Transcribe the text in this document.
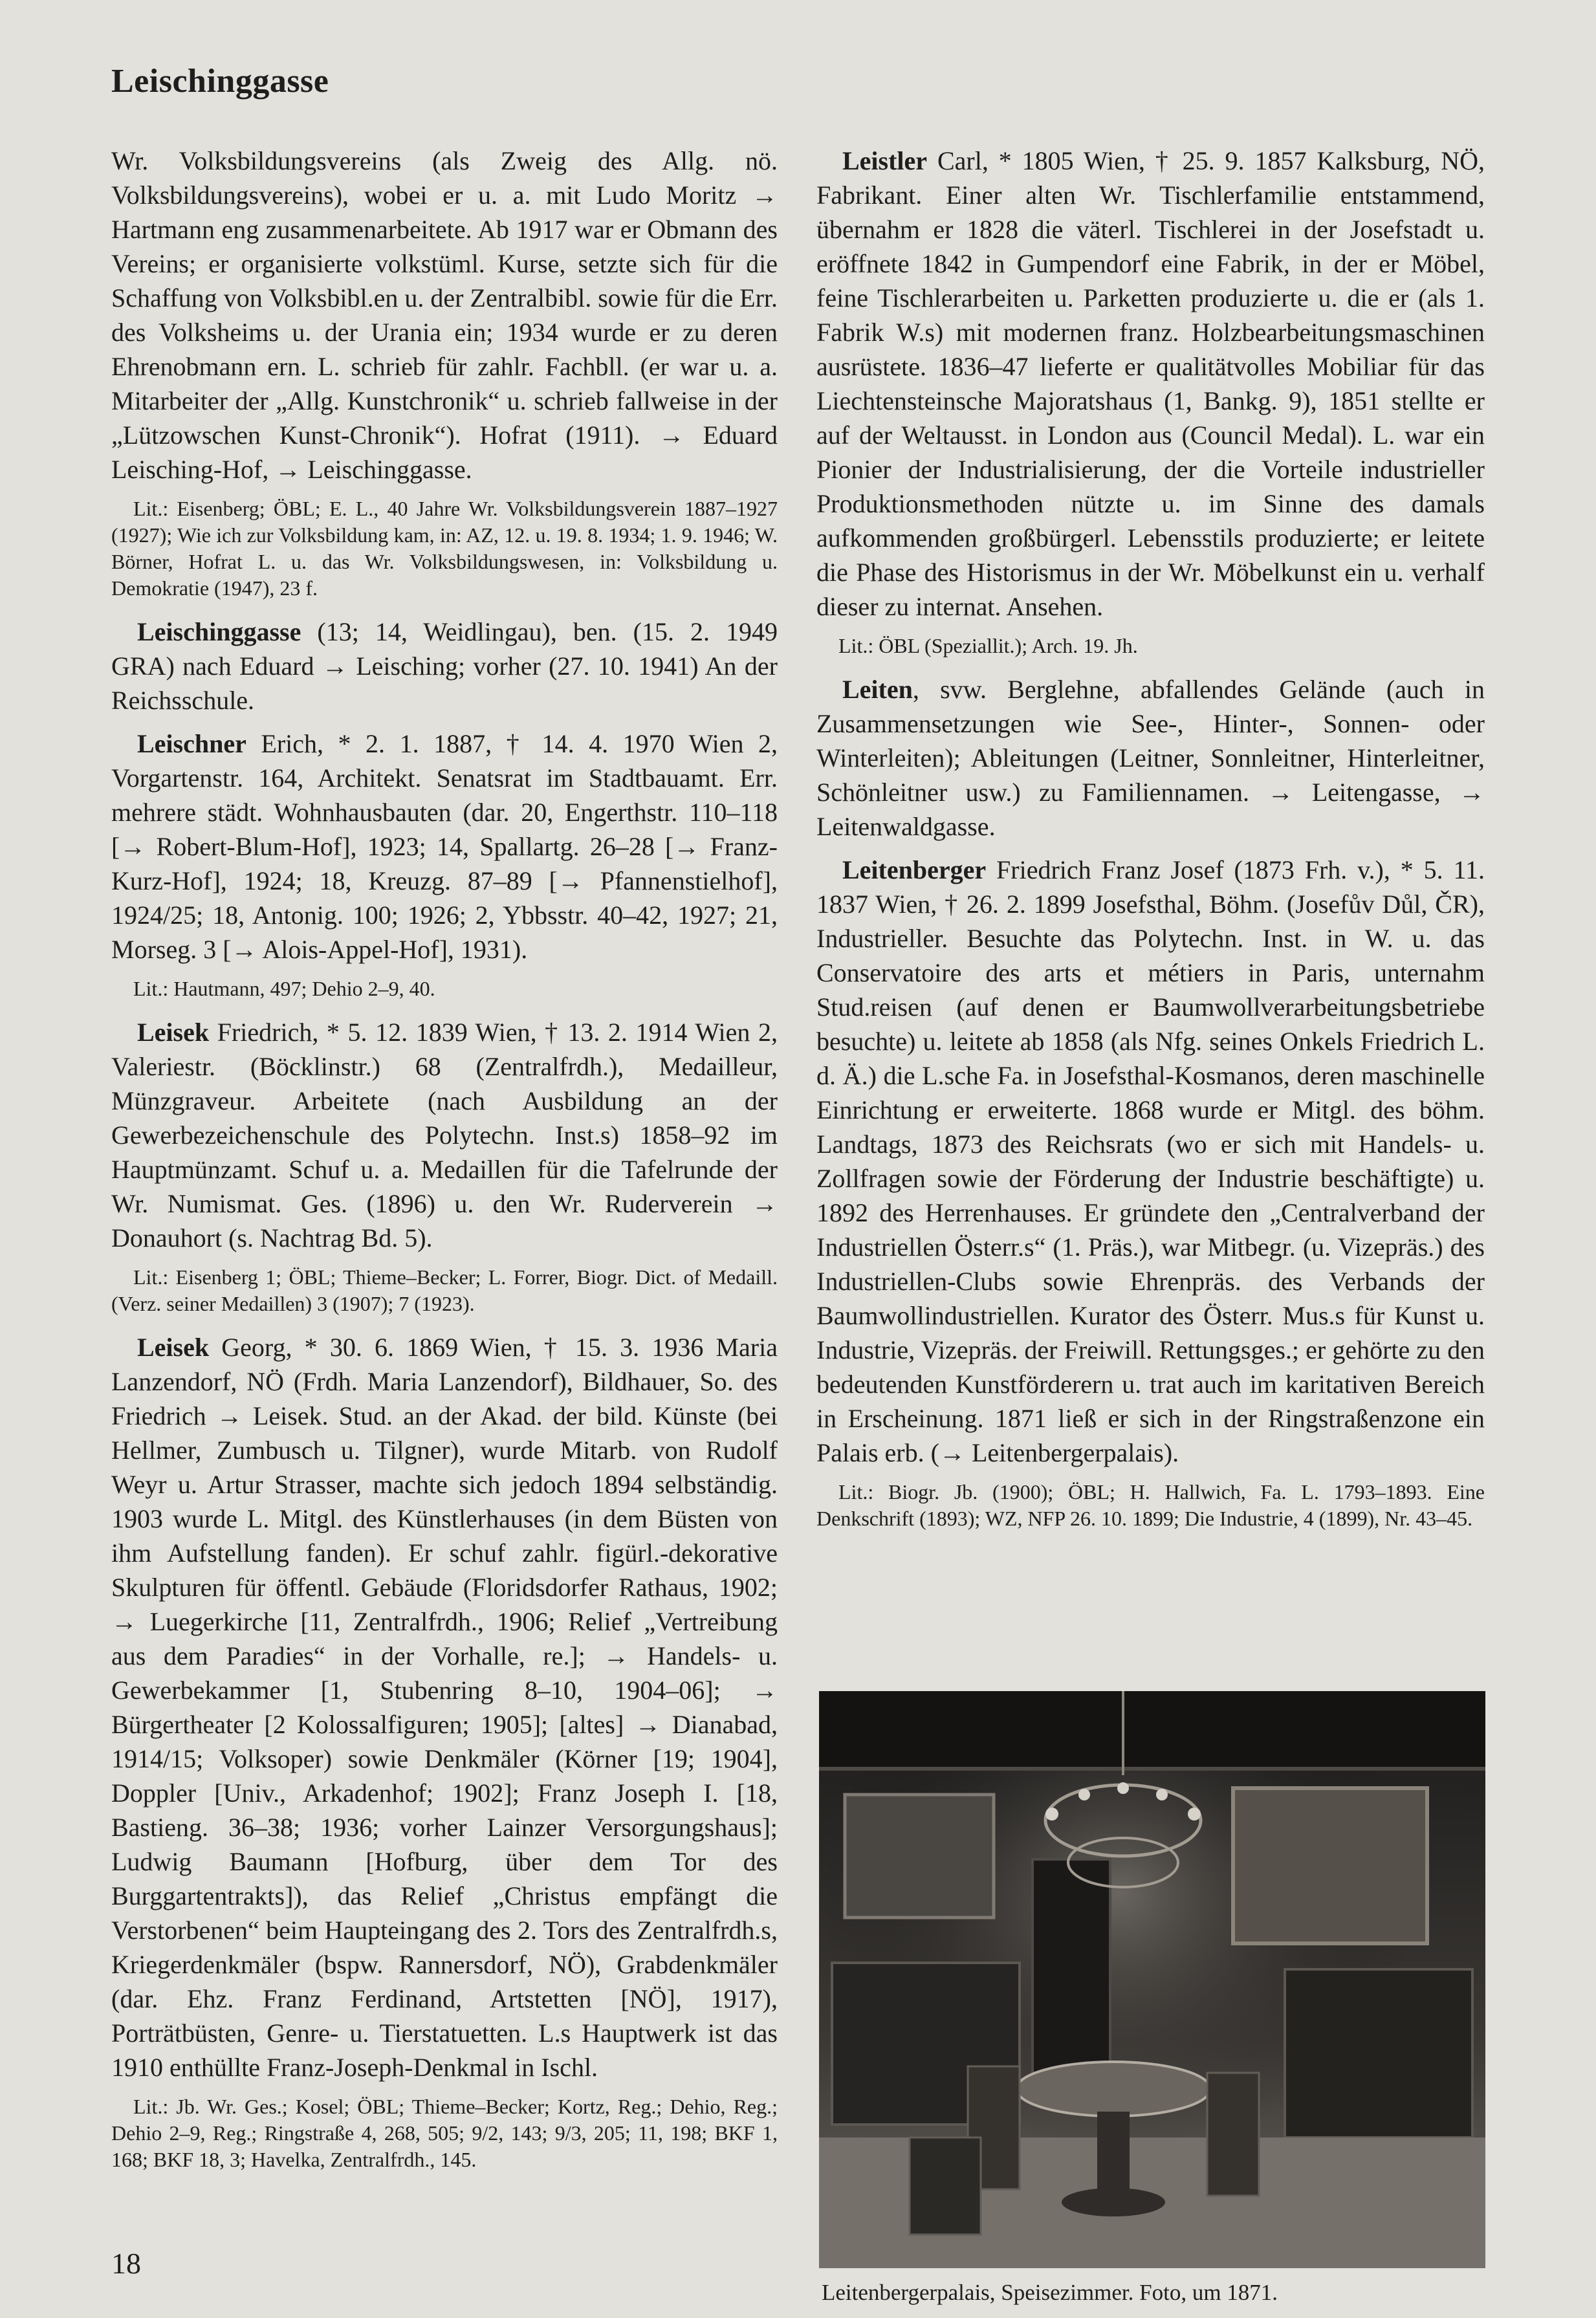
Leischinggasse

Wr. Volksbildungsvereins (als Zweig des Allg. nö. Volksbildungsvereins), wobei er u. a. mit Ludo Moritz → Hartmann eng zusammenarbeitete. Ab 1917 war er Obmann des Vereins; er organisierte volkstüml. Kurse, setzte sich für die Schaffung von Volksbibl.en u. der Zentralbibl. sowie für die Err. des Volksheims u. der Urania ein; 1934 wurde er zu deren Ehrenobmann ern. L. schrieb für zahlr. Fachbll. (er war u. a. Mitarbeiter der „Allg. Kunstchronik“ u. schrieb fallweise in der „Lützowschen Kunst-Chronik“). Hofrat (1911). → Eduard Leisching-Hof, → Leischinggasse.

Lit.: Eisenberg; ÖBL; E. L., 40 Jahre Wr. Volksbildungsverein 1887–1927 (1927); Wie ich zur Volksbildung kam, in: AZ, 12. u. 19. 8. 1934; 1. 9. 1946; W. Börner, Hofrat L. u. das Wr. Volksbildungswesen, in: Volksbildung u. Demokratie (1947), 23 f.

Leischinggasse (13; 14, Weidlingau), ben. (15. 2. 1949 GRA) nach Eduard → Leisching; vorher (27. 10. 1941) An der Reichsschule.

Leischner Erich, * 2. 1. 1887, † 14. 4. 1970 Wien 2, Vorgartenstr. 164, Architekt. Senatsrat im Stadtbauamt. Err. mehrere städt. Wohnhausbauten (dar. 20, Engerthstr. 110–118 [→ Robert-Blum-Hof], 1923; 14, Spallartg. 26–28 [→ Franz-Kurz-Hof], 1924; 18, Kreuzg. 87–89 [→ Pfannenstielhof], 1924/25; 18, Antonig. 100; 1926; 2, Ybbsstr. 40–42, 1927; 21, Morseg. 3 [→ Alois-Appel-Hof], 1931).

Lit.: Hautmann, 497; Dehio 2–9, 40.

Leisek Friedrich, * 5. 12. 1839 Wien, † 13. 2. 1914 Wien 2, Valeriestr. (Böcklinstr.) 68 (Zentralfrdh.), Medailleur, Münzgraveur. Arbeitete (nach Ausbildung an der Gewerbezeichenschule des Polytechn. Inst.s) 1858–92 im Hauptmünzamt. Schuf u. a. Medaillen für die Tafelrunde der Wr. Numismat. Ges. (1896) u. den Wr. Ruderverein → Donauhort (s. Nachtrag Bd. 5).

Lit.: Eisenberg 1; ÖBL; Thieme–Becker; L. Forrer, Biogr. Dict. of Medaill. (Verz. seiner Medaillen) 3 (1907); 7 (1923).

Leisek Georg, * 30. 6. 1869 Wien, † 15. 3. 1936 Maria Lanzendorf, NÖ (Frdh. Maria Lanzendorf), Bildhauer, So. des Friedrich → Leisek. Stud. an der Akad. der bild. Künste (bei Hellmer, Zumbusch u. Tilgner), wurde Mitarb. von Rudolf Weyr u. Artur Strasser, machte sich jedoch 1894 selbständig. 1903 wurde L. Mitgl. des Künstlerhauses (in dem Büsten von ihm Aufstellung fanden). Er schuf zahlr. figürl.-dekorative Skulpturen für öffentl. Gebäude (Floridsdorfer Rathaus, 1902; → Luegerkirche [11, Zentralfrdh., 1906; Relief „Vertreibung aus dem Paradies“ in der Vorhalle, re.]; → Handels- u. Gewerbekammer [1, Stubenring 8–10, 1904–06]; → Bürgertheater [2 Kolossalfiguren; 1905]; [altes] → Dianabad, 1914/15; Volksoper) sowie Denkmäler (Körner [19; 1904], Doppler [Univ., Arkadenhof; 1902]; Franz Joseph I. [18, Bastieng. 36–38; 1936; vorher Lainzer Versorgungshaus]; Ludwig Baumann [Hofburg, über dem Tor des Burggartentrakts]), das Relief „Christus empfängt die Verstorbenen“ beim Haupteingang des 2. Tors des Zentralfrdh.s, Kriegerdenkmäler (bspw. Rannersdorf, NÖ), Grabdenkmäler (dar. Ehz. Franz Ferdinand, Artstetten [NÖ], 1917), Porträtbüsten, Genre- u. Tierstatuetten. L.s Hauptwerk ist das 1910 enthüllte Franz-Joseph-Denkmal in Ischl.

Lit.: Jb. Wr. Ges.; Kosel; ÖBL; Thieme–Becker; Kortz, Reg.; Dehio, Reg.; Dehio 2–9, Reg.; Ringstraße 4, 268, 505; 9/2, 143; 9/3, 205; 11, 198; BKF 1, 168; BKF 18, 3; Havelka, Zentralfrdh., 145.

Leistler Carl, * 1805 Wien, † 25. 9. 1857 Kalksburg, NÖ, Fabrikant. Einer alten Wr. Tischlerfamilie entstammend, übernahm er 1828 die väterl. Tischlerei in der Josefstadt u. eröffnete 1842 in Gumpendorf eine Fabrik, in der er Möbel, feine Tischlerarbeiten u. Parketten produzierte u. die er (als 1. Fabrik W.s) mit modernen franz. Holzbearbeitungsmaschinen ausrüstete. 1836–47 lieferte er qualitätvolles Mobiliar für das Liechtensteinsche Majoratshaus (1, Bankg. 9), 1851 stellte er auf der Weltausst. in London aus (Council Medal). L. war ein Pionier der Industrialisierung, der die Vorteile industrieller Produktionsmethoden nützte u. im Sinne des damals aufkommenden großbürgerl. Lebensstils produzierte; er leitete die Phase des Historismus in der Wr. Möbelkunst ein u. verhalf dieser zu internat. Ansehen.

Lit.: ÖBL (Speziallit.); Arch. 19. Jh.

Leiten, svw. Berglehne, abfallendes Gelände (auch in Zusammensetzungen wie See-, Hinter-, Sonnen- oder Winterleiten); Ableitungen (Leitner, Sonnleitner, Hinterleitner, Schönleitner usw.) zu Familiennamen. → Leitengasse, → Leitenwaldgasse.

Leitenberger Friedrich Franz Josef (1873 Frh. v.), * 5. 11. 1837 Wien, † 26. 2. 1899 Josefsthal, Böhm. (Josefův Důl, ČR), Industrieller. Besuchte das Polytechn. Inst. in W. u. das Conservatoire des arts et métiers in Paris, unternahm Stud.reisen (auf denen er Baumwollverarbeitungsbetriebe besuchte) u. leitete ab 1858 (als Nfg. seines Onkels Friedrich L. d. Ä.) die L.sche Fa. in Josefsthal-Kosmanos, deren maschinelle Einrichtung er erweiterte. 1868 wurde er Mitgl. des böhm. Landtags, 1873 des Reichsrats (wo er sich mit Handels- u. Zollfragen sowie der Förderung der Industrie beschäftigte) u. 1892 des Herrenhauses. Er gründete den „Centralverband der Industriellen Österr.s“ (1. Präs.), war Mitbegr. (u. Vizepräs.) des Industriellen-Clubs sowie Ehrenpräs. des Verbands der Baumwollindustriellen. Kurator des Österr. Mus.s für Kunst u. Industrie, Vizepräs. der Freiwill. Rettungsges.; er gehörte zu den bedeutenden Kunstförderern u. trat auch im karitativen Bereich in Erscheinung. 1871 ließ er sich in der Ringstraßenzone ein Palais erb. (→ Leitenbergerpalais).

Lit.: Biogr. Jb. (1900); ÖBL; H. Hallwich, Fa. L. 1793–1893. Eine Denkschrift (1893); WZ, NFP 26. 10. 1899; Die Industrie, 4 (1899), Nr. 43–45.

Leitenbergerpalais, Speisezimmer. Foto, um 1871.
18
